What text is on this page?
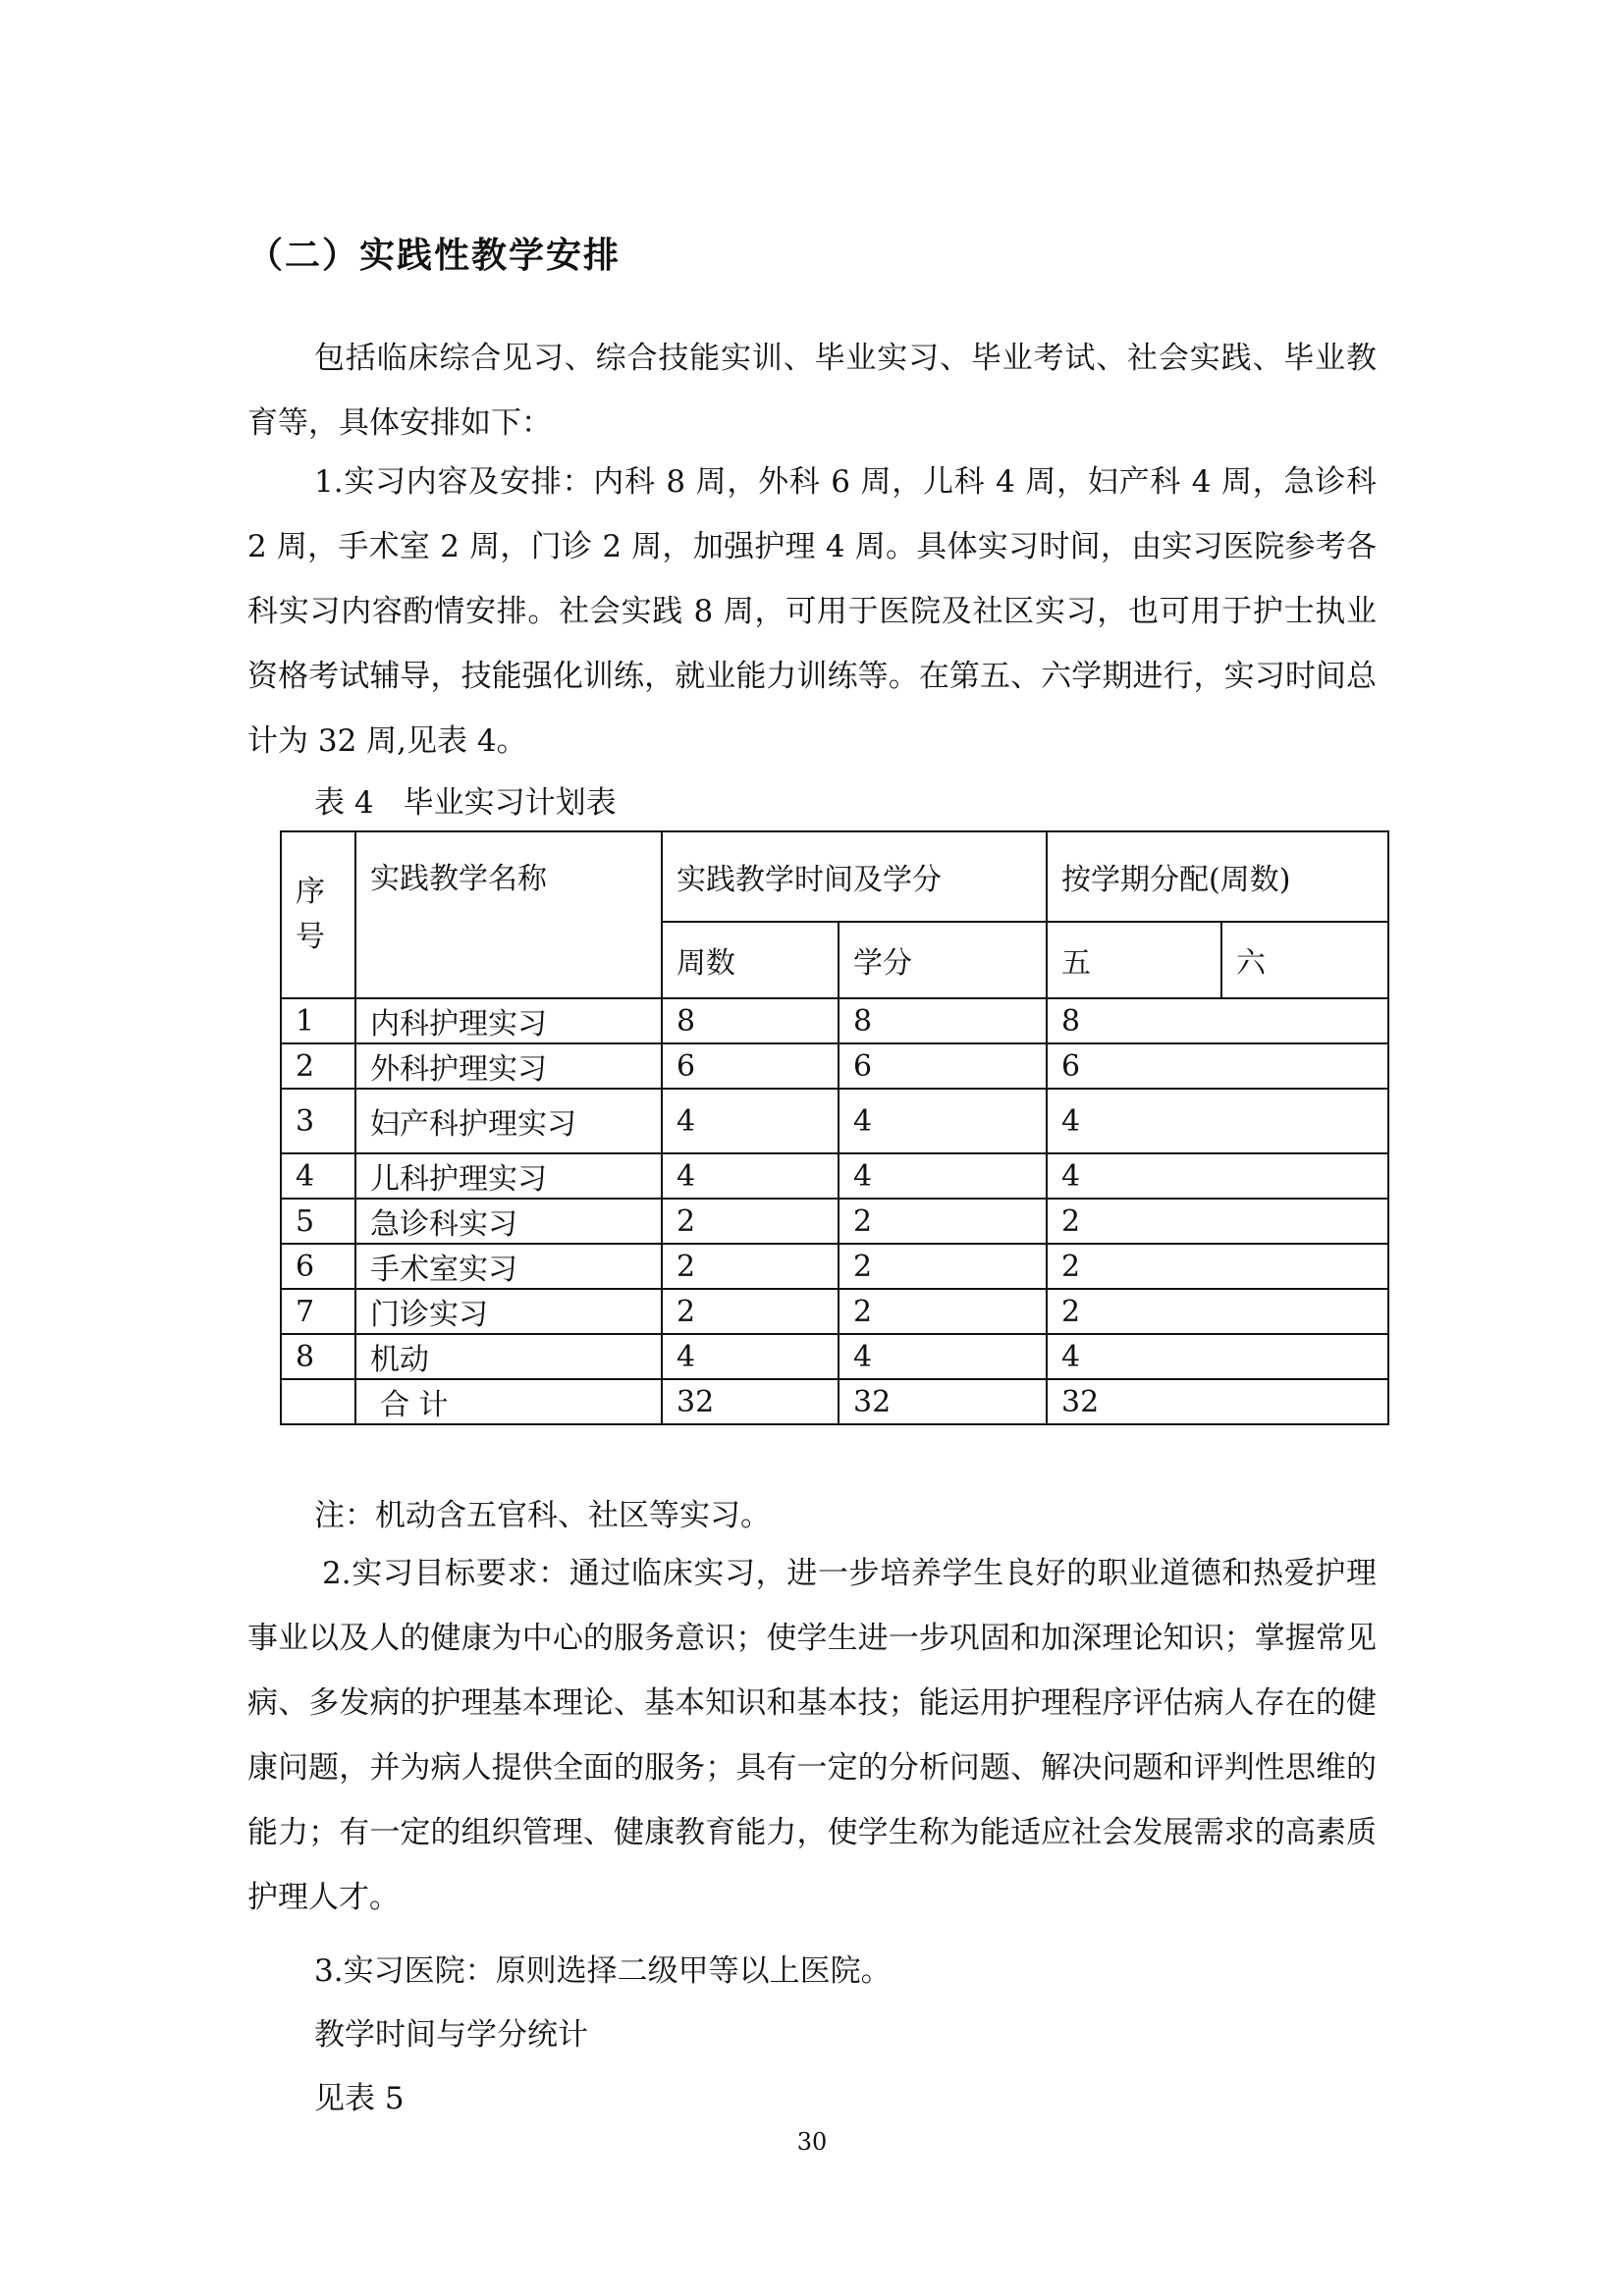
（二）实践性教学安排

包括临床综合见习、综合技能实训、毕业实习、毕业考试、社会实践、毕业教育等，具体安排如下：

1.实习内容及安排：内科 8 周，外科 6 周，儿科 4 周，妇产科 4 周，急诊科 2 周，手术室 2 周，门诊 2 周，加强护理 4 周。具体实习时间，由实习医院参考各科实习内容酌情安排。社会实践 8 周，可用于医院及社区实习，也可用于护士执业资格考试辅导，技能强化训练，就业能力训练等。在第五、六学期进行，实习时间总计为 32 周,见表 4。

表 4 毕业实习计划表

序号	实践教学名称	实践教学时间及学分		按学期分配(周数)	
		周数	学分	五	六
1	内科护理实习	8	8	8	
2	外科护理实习	6	6	6	
3	妇产科护理实习	4	4	4	
4	儿科护理实习	4	4	4	
5	急诊科实习	2	2	2	
6	手术室实习	2	2	2	
7	门诊实习	2	2	2	
8	机动	4	4	4	
	合 计	32	32	32	

注：机动含五官科、社区等实习。

2.实习目标要求：通过临床实习，进一步培养学生良好的职业道德和热爱护理事业以及人的健康为中心的服务意识；使学生进一步巩固和加深理论知识；掌握常见病、多发病的护理基本理论、基本知识和基本技；能运用护理程序评估病人存在的健康问题，并为病人提供全面的服务；具有一定的分析问题、解决问题和评判性思维的能力；有一定的组织管理、健康教育能力，使学生称为能适应社会发展需求的高素质护理人才。

3.实习医院：原则选择二级甲等以上医院。

教学时间与学分统计

见表 5

30
